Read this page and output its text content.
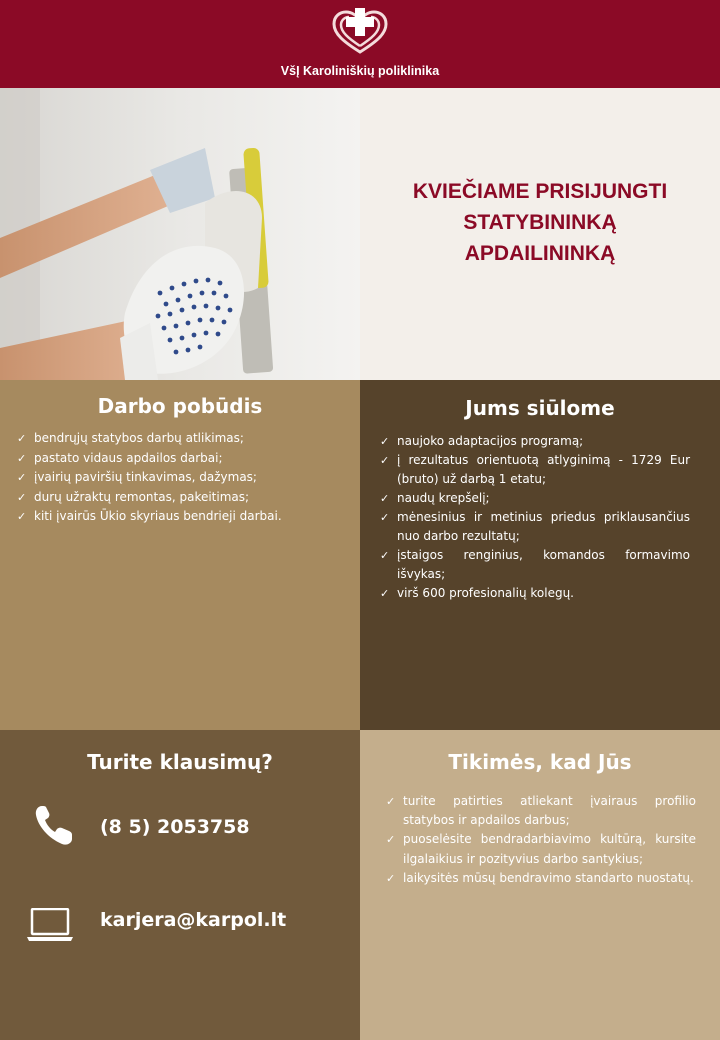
VšĮ Karoliniškių poliklinika
KVIEČIAME PRISIJUNGTI
STATYBININKĄ
APDAILININKĄ
Darbo pobūdis
✓ bendrųjų statybos darbų atlikimas;
✓ pastato vidaus apdailos darbai;
✓ įvairių paviršių tinkavimas, dažymas;
✓ durų užraktų remontas, pakeitimas;
✓ kiti įvairūs Ūkio skyriaus bendrieji darbai.
Jums siūlome
✓ naujoko adaptacijos programą;
✓ į rezultatus orientuotą atlyginimą - 1729 Eur (bruto) už darbą 1 etatu;
✓ naudų krepšelį;
✓ mėnesinius ir metinius priedus priklausančius nuo darbo rezultatų;
✓ įstaigos renginius, komandos formavimo išvykas;
✓ virš 600 profesionalių kolegų.
Turite klausimų?
(8 5) 2053758
karjera@karpol.lt
Tikimės, kad Jūs
✓ turite patirties atliekant įvairaus profilio statybos ir apdailos darbus;
✓ puoselėsite bendradarbiavimo kultūrą, kursite ilgalaikius ir pozityvius darbo santykius;
✓ laikysitės mūsų bendravimo standarto nuostatų.
